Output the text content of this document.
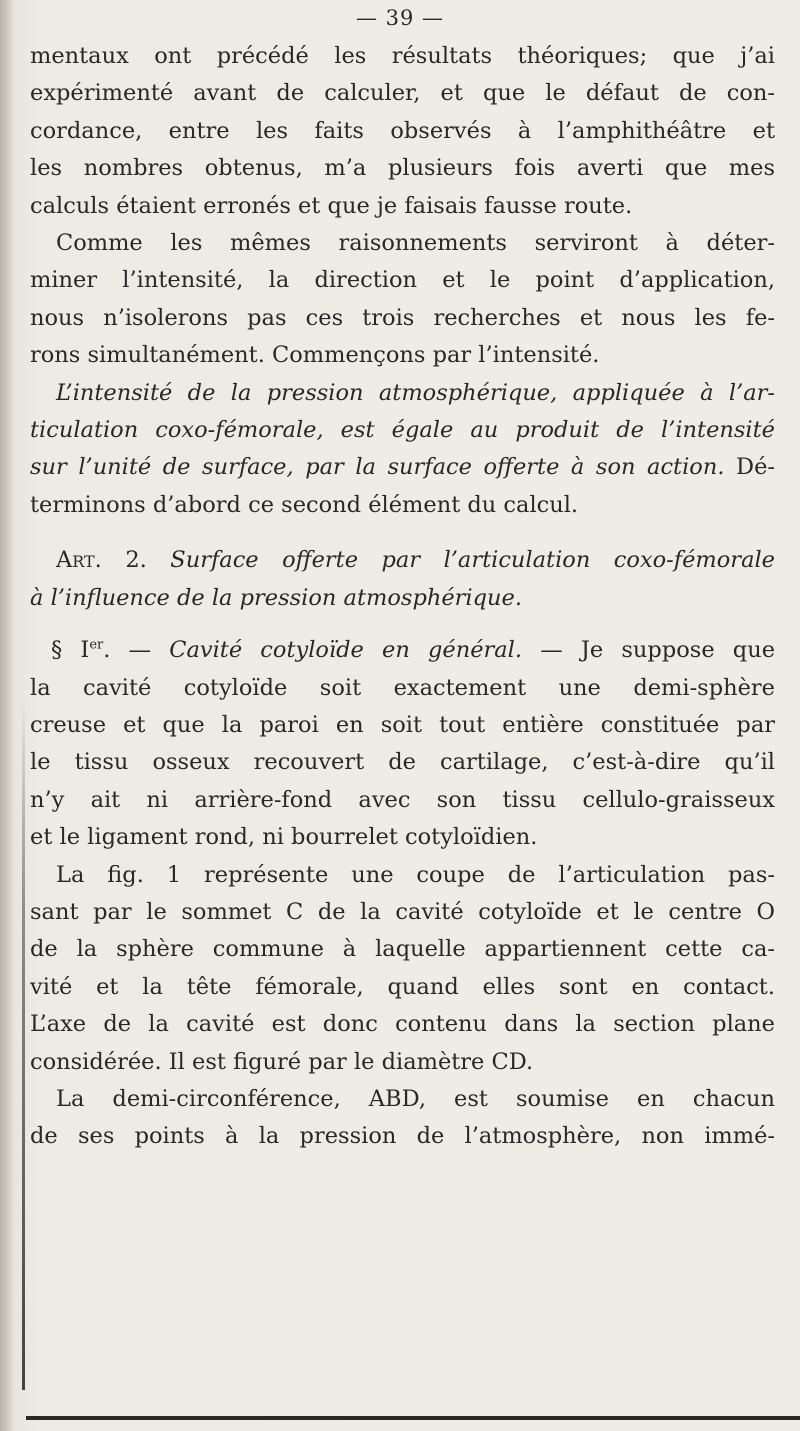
— 39 —
mentaux ont précédé les résultats théoriques; que j’ai
expérimenté avant de calculer, et que le défaut de con-
cordance, entre les faits observés à l’amphithéâtre et
les nombres obtenus, m’a plusieurs fois averti que mes
calculs étaient erronés et que je faisais fausse route.
Comme les mêmes raisonnements serviront à déter-
miner l’intensité, la direction et le point d’application,
nous n’isolerons pas ces trois recherches et nous les fe-
rons simultanément. Commençons par l’intensité.
L’intensité de la pression atmosphérique, appliquée à l’ar-
ticulation coxo-fémorale, est égale au produit de l’intensité
sur l’unité de surface, par la surface offerte à son action. Dé-
terminons d’abord ce second élément du calcul.
Art. 2. Surface offerte par l’articulation coxo-fémorale
à l’influence de la pression atmosphérique.
§ Ier. — Cavité cotyloïde en général. — Je suppose que
la cavité cotyloïde soit exactement une demi-sphère
creuse et que la paroi en soit tout entière constituée par
le tissu osseux recouvert de cartilage, c’est-à-dire qu’il
n’y ait ni arrière-fond avec son tissu cellulo-graisseux
et le ligament rond, ni bourrelet cotyloïdien.
La fig. 1 représente une coupe de l’articulation pas-
sant par le sommet C de la cavité cotyloïde et le centre O
de la sphère commune à laquelle appartiennent cette ca-
vité et la tête fémorale, quand elles sont en contact.
L’axe de la cavité est donc contenu dans la section plane
considérée. Il est figuré par le diamètre CD.
La demi-circonférence, ABD, est soumise en chacun
de ses points à la pression de l’atmosphère, non immé-
